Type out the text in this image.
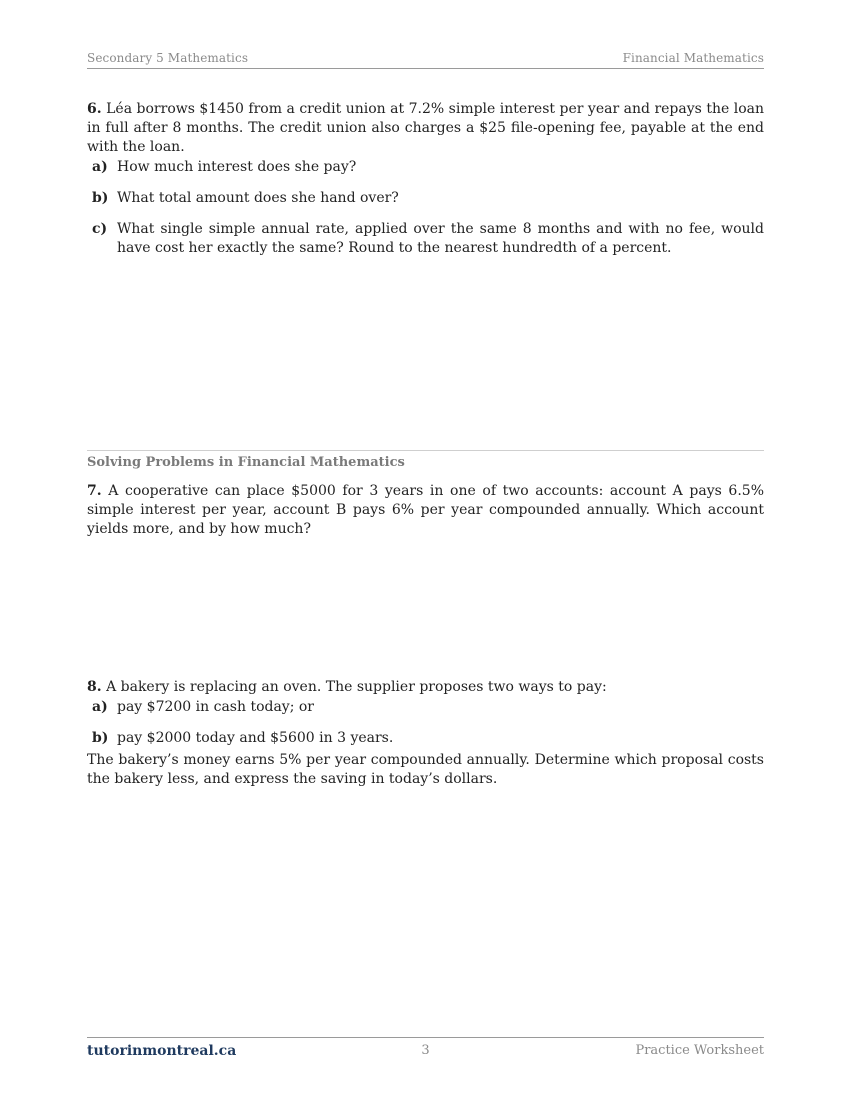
Secondary 5 Mathematics	Financial Mathematics
6. Léa borrows $1450 from a credit union at 7.2% simple interest per year and repays the loan in full after 8 months. The credit union also charges a $25 file-opening fee, payable at the end with the loan.
a) How much interest does she pay?
b) What total amount does she hand over?
c) What single simple annual rate, applied over the same 8 months and with no fee, would have cost her exactly the same? Round to the nearest hundredth of a percent.
Solving Problems in Financial Mathematics
7. A cooperative can place $5000 for 3 years in one of two accounts: account A pays 6.5% simple interest per year, account B pays 6% per year compounded annually. Which account yields more, and by how much?
8. A bakery is replacing an oven. The supplier proposes two ways to pay:
a) pay $7200 in cash today; or
b) pay $2000 today and $5600 in 3 years.
The bakery’s money earns 5% per year compounded annually. Determine which proposal costs the bakery less, and express the saving in today’s dollars.
tutorinmontreal.ca	3	Practice Worksheet
